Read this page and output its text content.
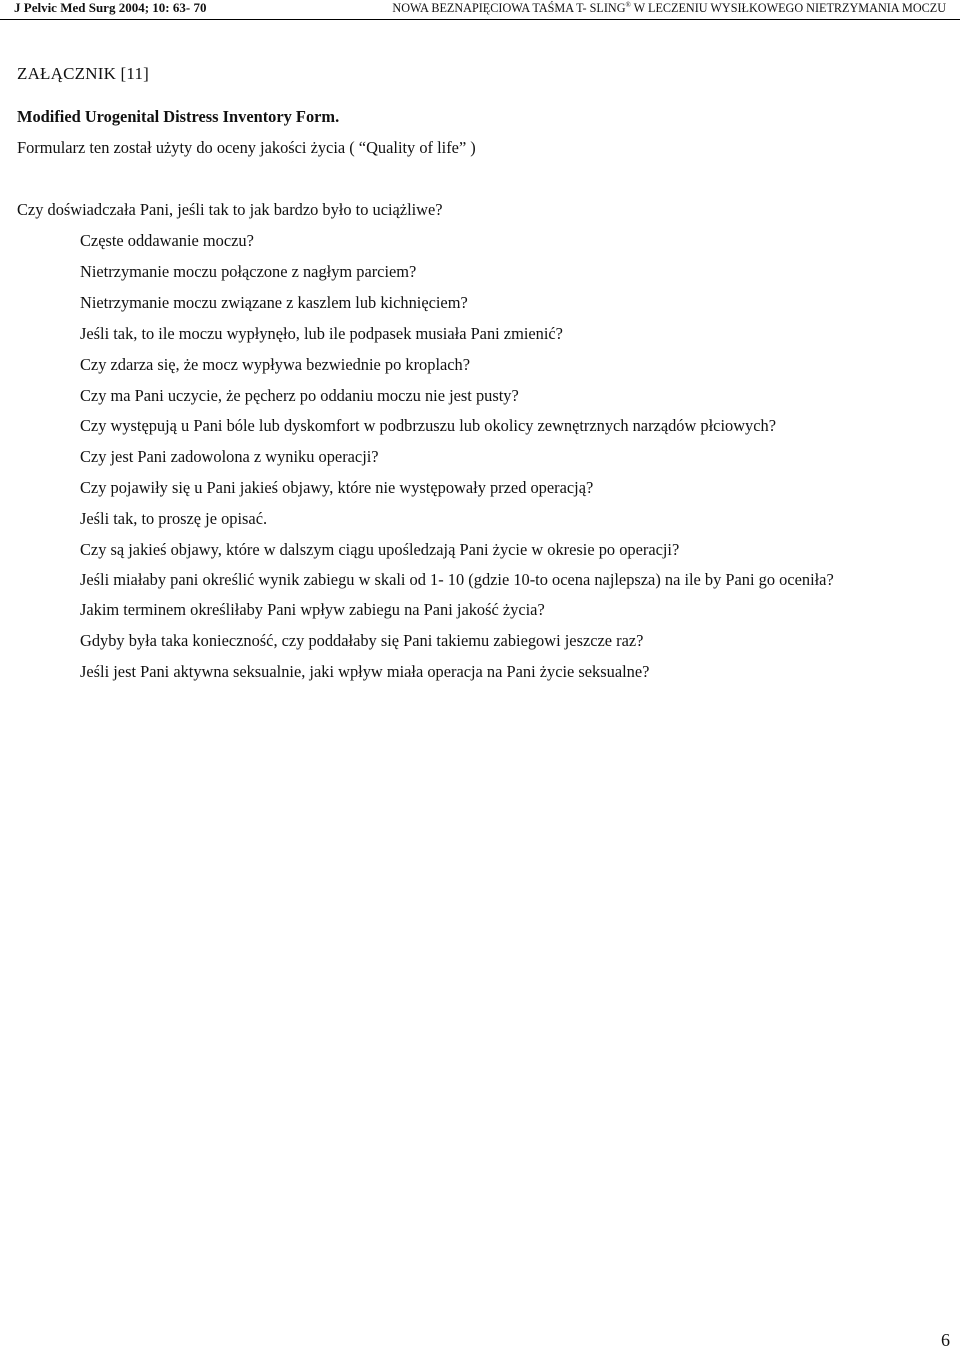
J Pelvic Med Surg 2004; 10: 63- 70	NOWA BEZNAPIĘCIOWA TAŚMA T- SLING® W LECZENIU WYSIŁKOWEGO NIETRZYMANIA MOCZU
ZAŁĄCZNIK [11]
Modified Urogenital Distress Inventory Form.
Formularz ten został użyty do oceny jakości życia ( “Quality of life” )
Czy doświadczała Pani, jeśli tak to jak bardzo było to uciążliwe?
Częste oddawanie moczu?
Nietrzymanie moczu połączone z nagłym parciem?
Nietrzymanie moczu związane z kaszlem lub kichnięciem?
Jeśli tak, to ile moczu wypłynęło, lub ile podpasek musiała Pani zmienić?
Czy zdarza się, że mocz wypływa bezwiednie po kroplach?
Czy ma Pani uczycie, że pęcherz po oddaniu moczu nie jest pusty?
Czy występują u Pani bóle lub dyskomfort w podbrzuszu lub okolicy zewnętrznych narządów płciowych?
Czy jest Pani zadowolona z wyniku operacji?
Czy pojawiły się u Pani jakieś objawy, które nie występowały przed operacją?
Jeśli tak, to proszę je opisać.
Czy są jakieś objawy, które w dalszym ciągu upośledzają Pani życie w okresie po operacji?
Jeśli miałaby pani określić wynik zabiegu w skali od 1- 10 (gdzie 10-to ocena najlepsza) na ile by Pani go oceniła?
Jakim terminem określiłaby Pani wpływ zabiegu na Pani jakość życia?
Gdyby była taka konieczność, czy poddałaby się Pani takiemu zabiegowi jeszcze raz?
Jeśli jest Pani aktywna seksualnie, jaki wpływ miała operacja na Pani życie seksualne?
6
